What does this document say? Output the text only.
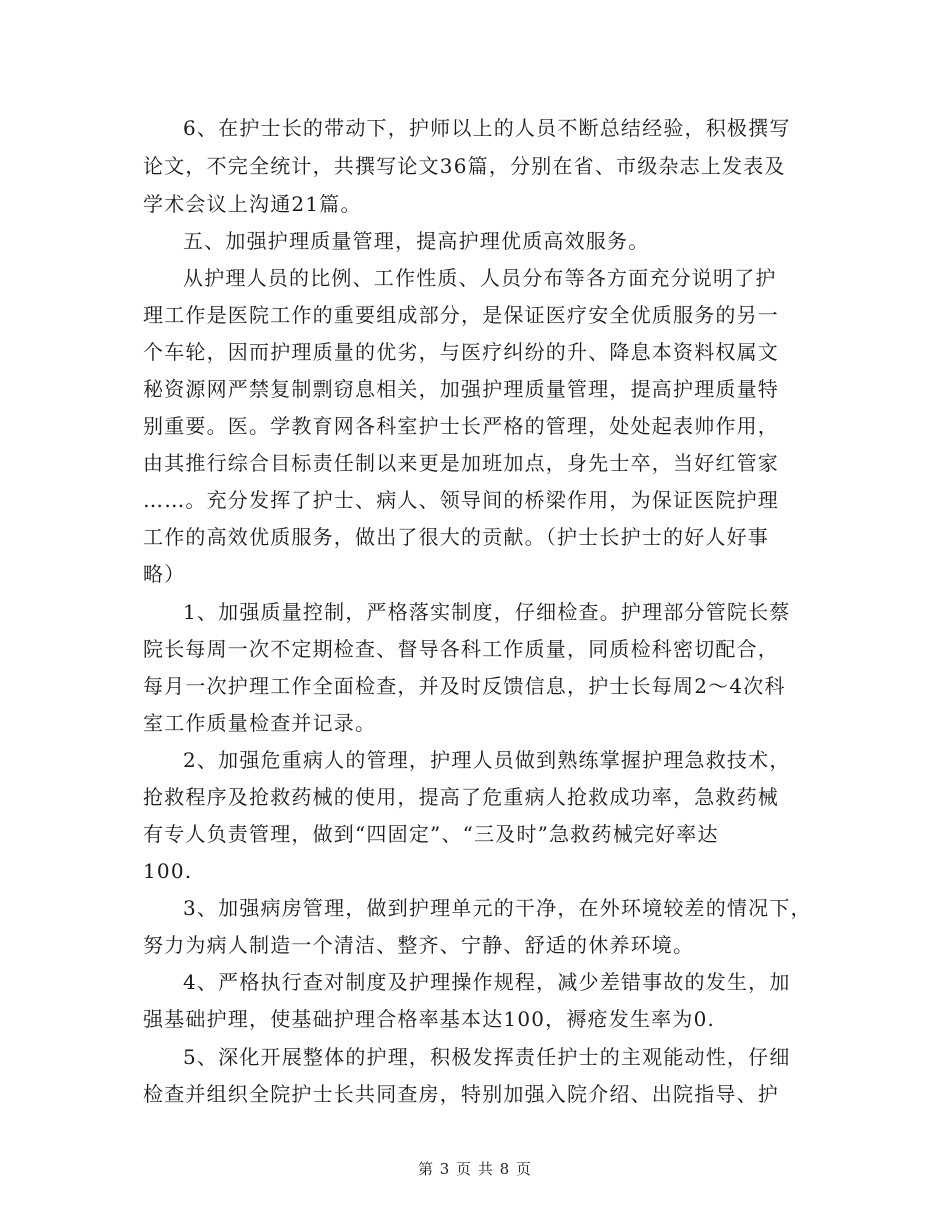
6、在护士长的带动下，护师以上的人员不断总结经验，积极撰写
论文，不完全统计，共撰写论文36篇，分别在省、市级杂志上发表及
学术会议上沟通21篇。
五、加强护理质量管理，提高护理优质高效服务。
从护理人员的比例、工作性质、人员分布等各方面充分说明了护
理工作是医院工作的重要组成部分，是保证医疗安全优质服务的另一
个车轮，因而护理质量的优劣，与医疗纠纷的升、降息本资料权属文
秘资源网严禁复制剽窃息相关，加强护理质量管理，提高护理质量特
别重要。医。学教育网各科室护士长严格的管理，处处起表帅作用，
由其推行综合目标责任制以来更是加班加点，身先士卒，当好红管家
……。充分发挥了护士、病人、领导间的桥梁作用，为保证医院护理
工作的高效优质服务，做出了很大的贡献。（护士长护士的好人好事
略）
1、加强质量控制，严格落实制度，仔细检查。护理部分管院长蔡
院长每周一次不定期检查、督导各科工作质量，同质检科密切配合，
每月一次护理工作全面检查，并及时反馈信息，护士长每周2～4次科
室工作质量检查并记录。
2、加强危重病人的管理，护理人员做到熟练掌握护理急救技术，
抢救程序及抢救药械的使用，提高了危重病人抢救成功率，急救药械
有专人负责管理，做到“四固定”、“三及时”急救药械完好率达
100.
3、加强病房管理，做到护理单元的干净，在外环境较差的情况下，
努力为病人制造一个清洁、整齐、宁静、舒适的休养环境。
4、严格执行查对制度及护理操作规程，减少差错事故的发生，加
强基础护理，使基础护理合格率基本达100，褥疮发生率为0.
5、深化开展整体的护理，积极发挥责任护士的主观能动性，仔细
检查并组织全院护士长共同查房，特别加强入院介绍、出院指导、护
第 3 页 共 8 页
